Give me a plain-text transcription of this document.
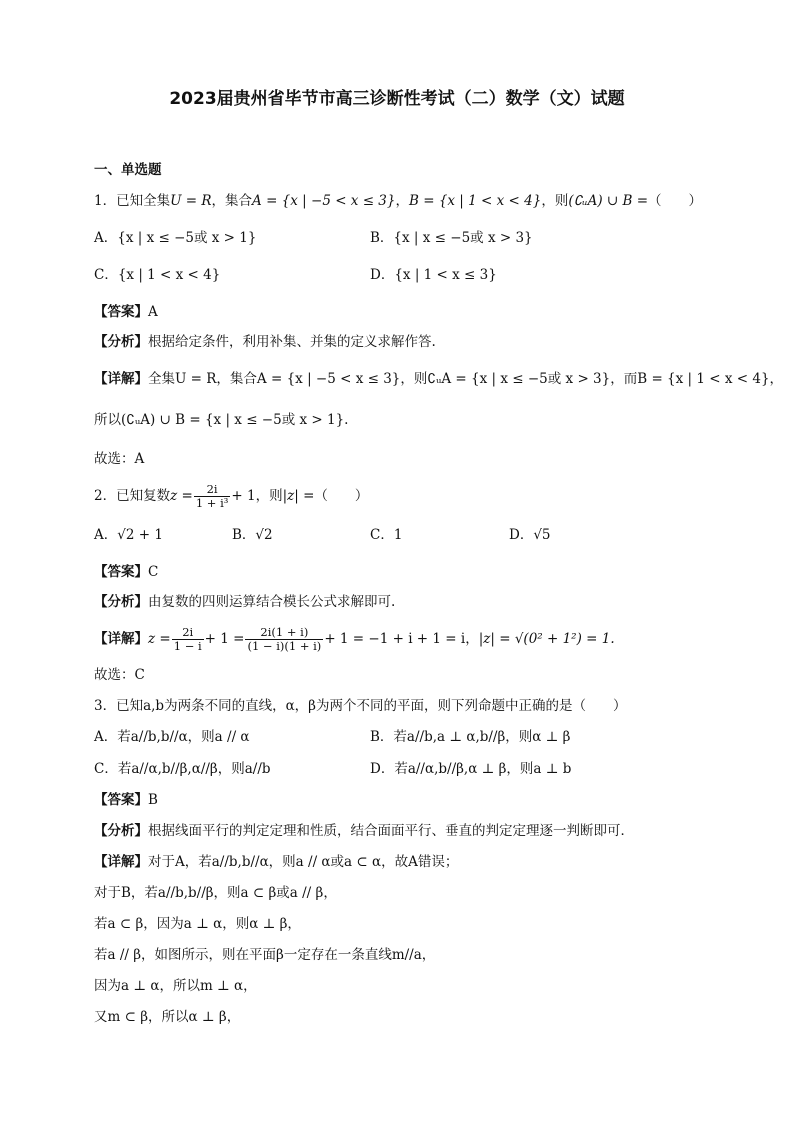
2023届贵州省毕节市高三诊断性考试（二）数学（文）试题
一、单选题
1．已知全集U = R，集合A = {x | −5 < x ≤ 3}，B = {x | 1 < x < 4}，则(∁ᵤA) ∪ B =（　　）
A．{x | x ≤ −5或 x > 1}	B．{x | x ≤ −5或 x > 3}
C．{x | 1 < x < 4}	D．{x | 1 < x ≤ 3}
【答案】A
【分析】根据给定条件，利用补集、并集的定义求解作答.
【详解】全集U = R，集合A = {x | −5 < x ≤ 3}，则∁ᵤA = {x | x ≤ −5或 x > 3}，而B = {x | 1 < x < 4}，
所以(∁ᵤA) ∪ B = {x | x ≤ −5或 x > 1}.
故选：A
2．已知复数$z = \frac{2i}{\text{1 + i³}} + 1$，则|z| =（　　）
A．√2 + 1	B．√2	C．1	D．√5
【答案】C
【分析】由复数的四则运算结合模长公式求解即可.
【详解】$z = \frac{2i}{1 - i} + 1 = \frac{2i(1 + i)}{(1 - i)(1 + i)} + 1 = -1 + i + 1 = i$，|z| = √(0² + 1²) = 1.
故选：C
3．已知a,b为两条不同的直线，α，β为两个不同的平面，则下列命题中正确的是（　　）
A．若a//b,b//α，则a // α	B．若a//b,a ⊥ α,b//β，则α ⊥ β
C．若a//α,b//β,α//β，则a//b	D．若a//α,b//β,α ⊥ β，则a ⊥ b
【答案】B
【分析】根据线面平行的判定定理和性质，结合面面平行、垂直的判定定理逐一判断即可．
【详解】对于A，若a//b,b//α，则a // α或a ⊂ α，故A错误；
对于B，若a//b,b//β，则a ⊂ β或a // β，
若a ⊂ β，因为a ⊥ α，则α ⊥ β，
若a // β，如图所示，则在平面β一定存在一条直线m//a，
因为a ⊥ α，所以m ⊥ α，
又m ⊂ β，所以α ⊥ β，
